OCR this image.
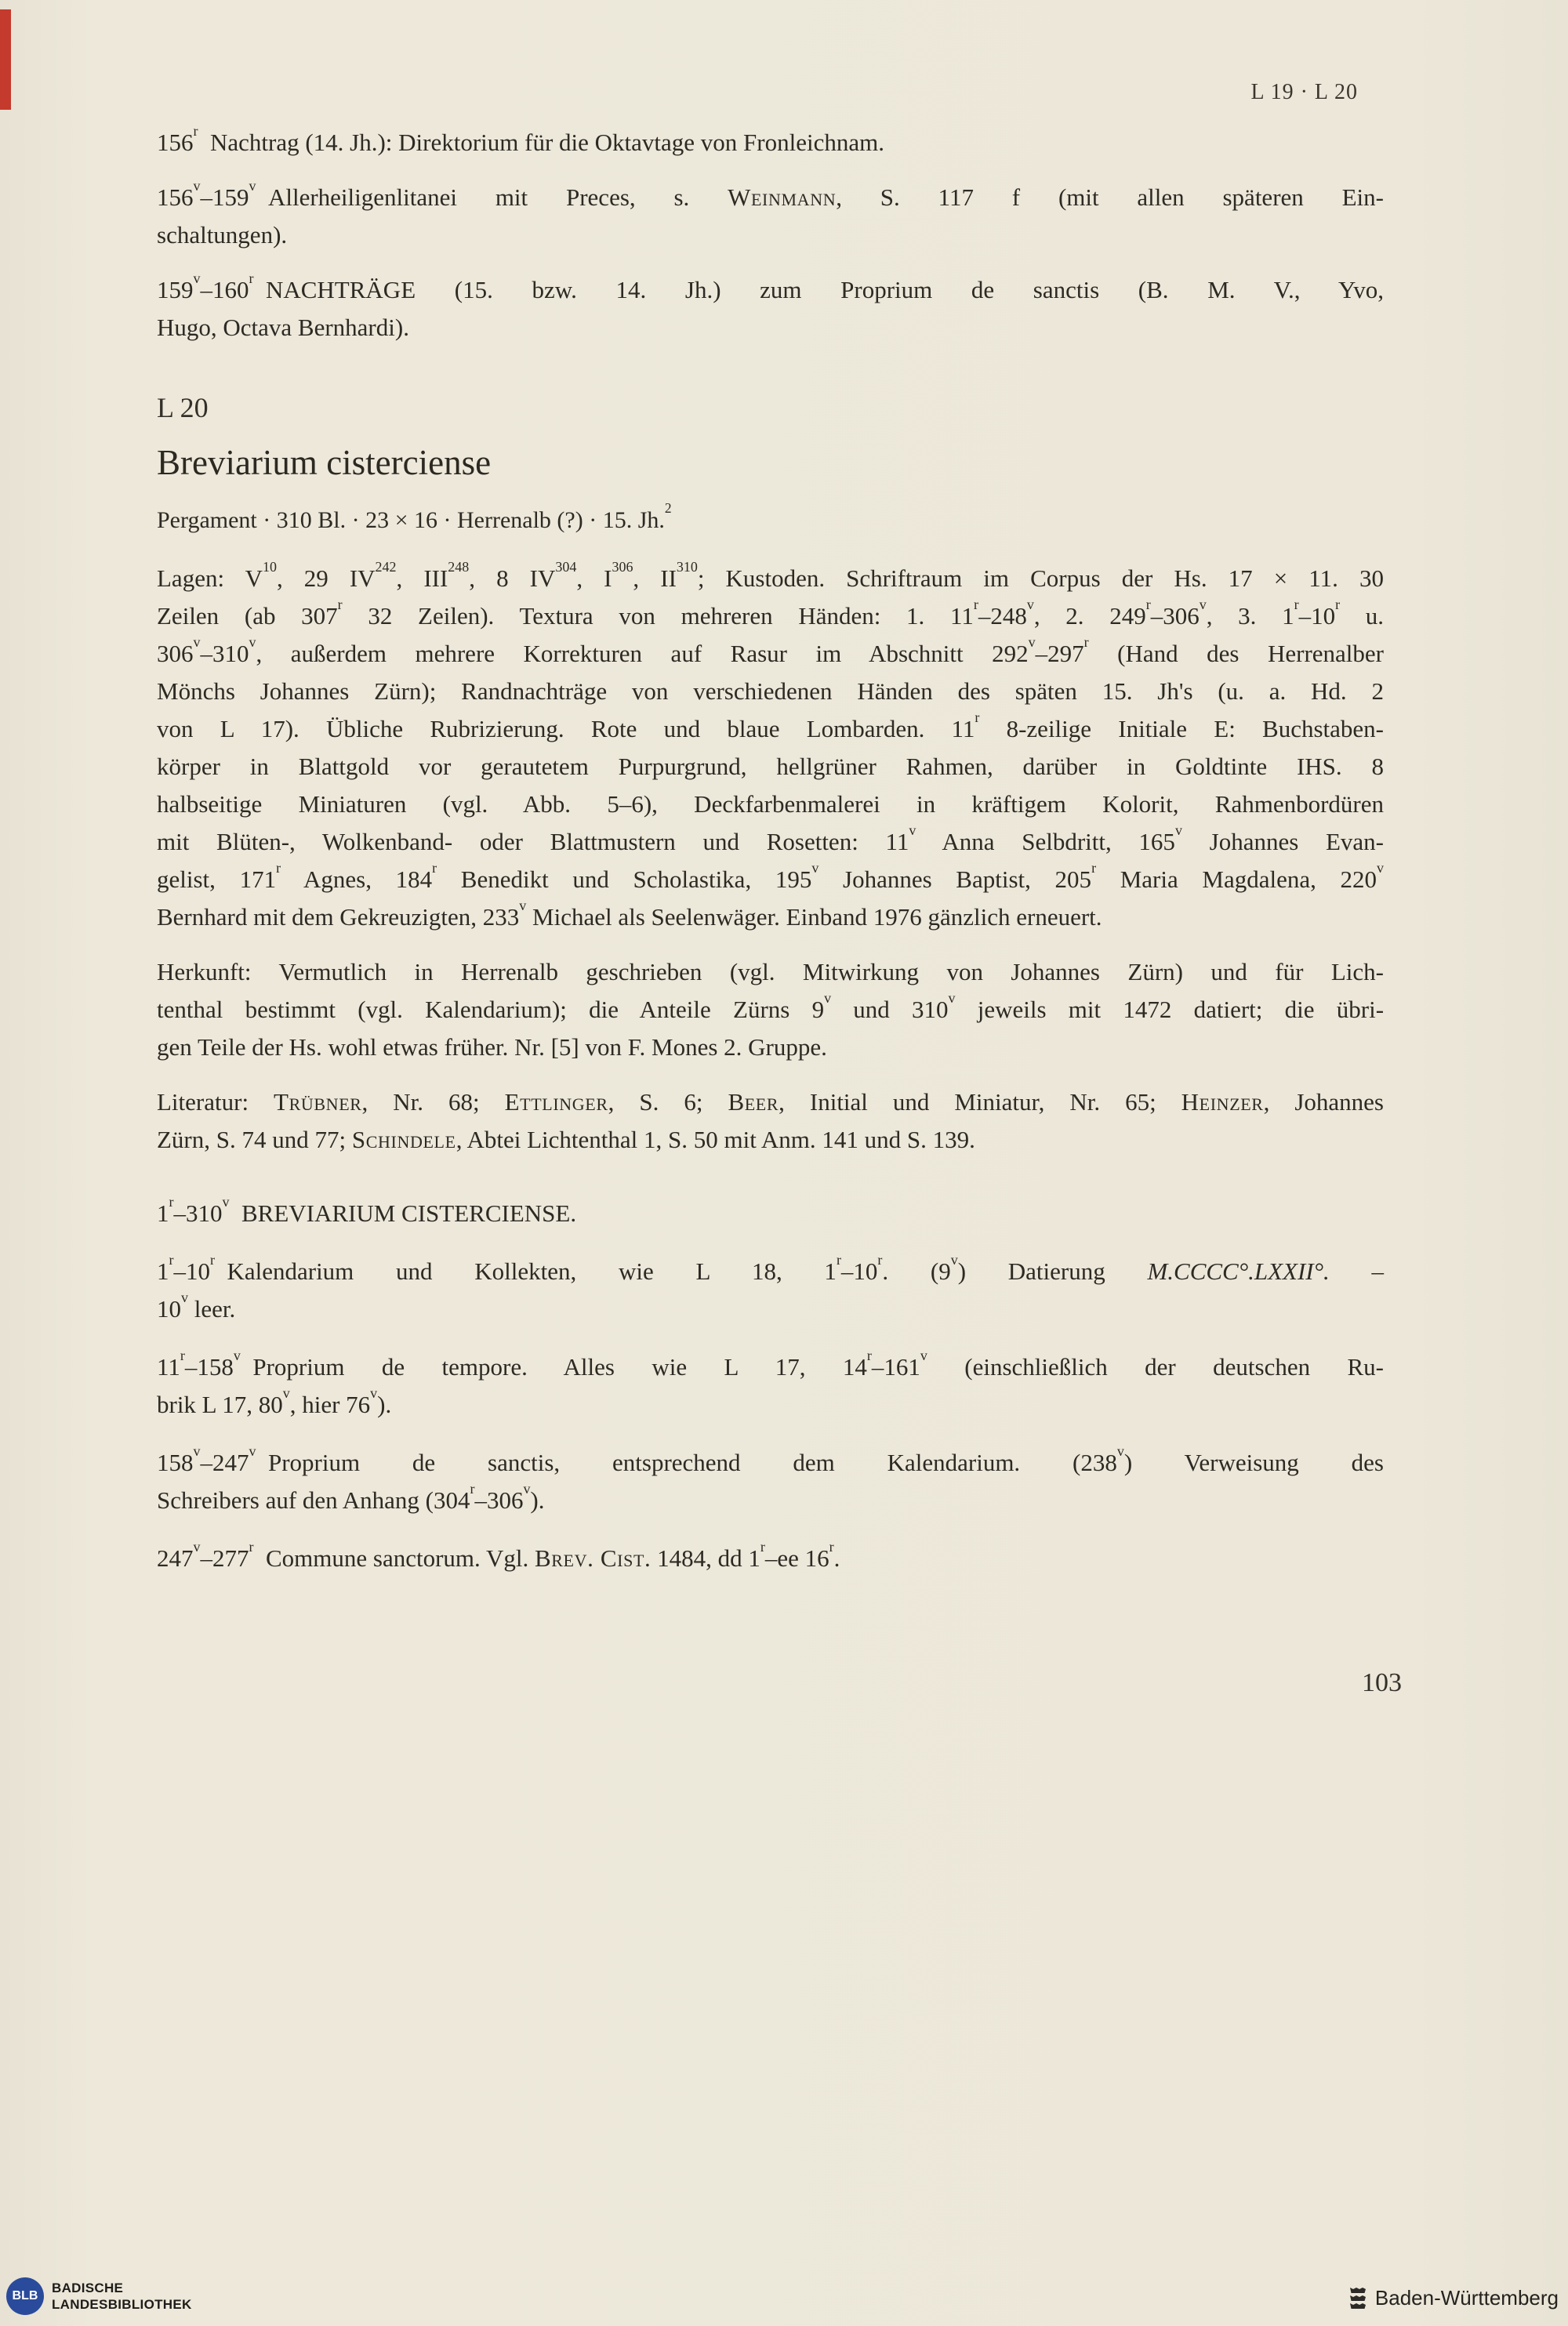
L 19 · L 20
156$^r$ Nachtrag (14. Jh.): Direktorium für die Oktavtage von Fronleichnam.
156$^v$–159$^v$ Allerheiligenlitanei mit Preces, s. Weinmann, S. 117 f (mit allen späteren Ein-
schaltungen).
159$^v$–160$^r$ NACHTRÄGE (15. bzw. 14. Jh.) zum Proprium de sanctis (B. M. V., Yvo,
Hugo, Octava Bernhardi).
L 20
Breviarium cisterciense
Pergament · 310 Bl. · 23 × 16 · Herrenalb (?) · 15. Jh.$^2$
Lagen: $V^{10}$, 29 IV$^{242}$, III$^{248}$, 8 IV$^{304}$, $I^{306}$, II$^{310}$; Kustoden. Schriftraum im Corpus der Hs. 17 × 11. 30
Zeilen (ab 307$^r$ 32 Zeilen). Textura von mehreren Händen: 1. 11$^r$–248$^v$, 2. 249$^r$–306$^v$, 3. 1$^r$–10$^r$ u.
306$^v$–310$^v$, außerdem mehrere Korrekturen auf Rasur im Abschnitt 292$^v$–297$^r$ (Hand des Herrenalber
Mönchs Johannes Zürn); Randnachträge von verschiedenen Händen des späten 15. Jh's (u. a. Hd. 2
von L 17). Übliche Rubrizierung. Rote und blaue Lombarden. 11$^r$ 8-zeilige Initiale E: Buchstaben-
körper in Blattgold vor gerautetem Purpurgrund, hellgrüner Rahmen, darüber in Goldtinte IHS. 8
halbseitige Miniaturen (vgl. Abb. 5–6), Deckfarbenmalerei in kräftigem Kolorit, Rahmenbordüren
mit Blüten-, Wolkenband- oder Blattmustern und Rosetten: 11$^v$ Anna Selbdritt, 165$^v$ Johannes Evan-
gelist, 171$^r$ Agnes, 184$^r$ Benedikt und Scholastika, 195$^v$ Johannes Baptist, 205$^r$ Maria Magdalena, 220$^v$
Bernhard mit dem Gekreuzigten, 233$^v$ Michael als Seelenwäger. Einband 1976 gänzlich erneuert.
Herkunft: Vermutlich in Herrenalb geschrieben (vgl. Mitwirkung von Johannes Zürn) und für Lich-
tenthal bestimmt (vgl. Kalendarium); die Anteile Zürns 9$^v$ und 310$^v$ jeweils mit 1472 datiert; die übri-
gen Teile der Hs. wohl etwas früher. Nr. [5] von F. Mones 2. Gruppe.
Literatur: Trübner, Nr. 68; Ettlinger, S. 6; Beer, Initial und Miniatur, Nr. 65; Heinzer, Johannes
Zürn, S. 74 und 77; Schindele, Abtei Lichtenthal 1, S. 50 mit Anm. 141 und S. 139.
1$^r$–310$^v$ BREVIARIUM CISTERCIENSE.
1$^r$–10$^r$ Kalendarium und Kollekten, wie L 18, 1$^r$–10$^r$. (9$^v$) Datierung M.CCCC°.LXXII°. –
10$^v$ leer.
11$^r$–158$^v$ Proprium de tempore. Alles wie L 17, 14$^r$–161$^v$ (einschließlich der deutschen Ru-
brik L 17, 80$^v$, hier 76$^v$).
158$^v$–247$^v$ Proprium de sanctis, entsprechend dem Kalendarium. (238$^v$) Verweisung des
Schreibers auf den Anhang (304$^r$–306$^v$).
247$^v$–277$^r$ Commune sanctorum. Vgl. Brev. Cist. 1484, dd 1$^r$–ee 16$^r$.
103
BLB
BADISCHE
LANDESBIBLIOTHEK	Baden-Württemberg
